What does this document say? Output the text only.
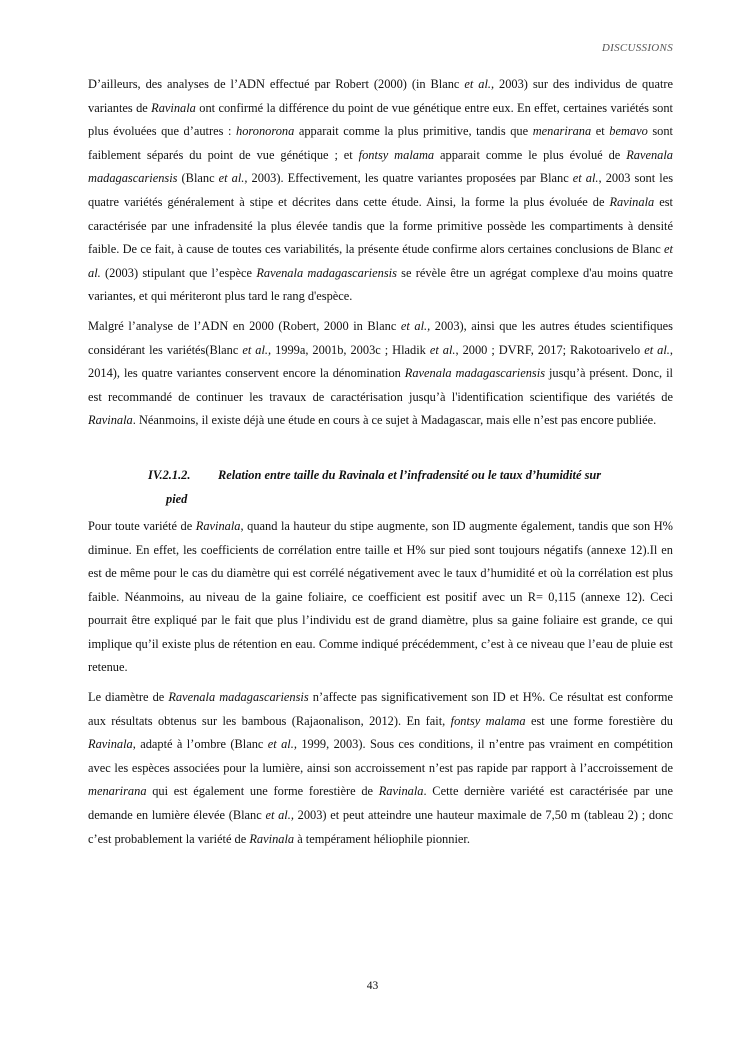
DISCUSSIONS

D’ailleurs, des analyses de l’ADN effectué par Robert (2000) (in Blanc et al., 2003) sur des individus de quatre variantes de Ravinala ont confirmé la différence du point de vue génétique entre eux. En effet, certaines variétés sont plus évoluées que d’autres : horonorona apparait comme la plus primitive, tandis que menarirana et bemavo sont faiblement séparés du point de vue génétique ; et fontsy malama apparait comme le plus évolué de Ravenala madagascariensis (Blanc et al., 2003). Effectivement, les quatre variantes proposées par Blanc et al., 2003 sont les quatre variétés généralement à stipe et décrites dans cette étude. Ainsi, la forme la plus évoluée de Ravinala est caractérisée par une infradensité la plus élevée tandis que la forme primitive possède les compartiments à densité faible. De ce fait, à cause de toutes ces variabilités, la présente étude confirme alors certaines conclusions de Blanc et al. (2003) stipulant que l’espèce Ravenala madagascariensis se révèle être un agrégat complexe d'au moins quatre variantes, et qui mériteront plus tard le rang d'espèce.

Malgré l’analyse de l’ADN en 2000 (Robert, 2000 in Blanc et al., 2003), ainsi que les autres études scientifiques considérant les variétés(Blanc et al., 1999a, 2001b, 2003c ; Hladik et al., 2000 ; DVRF, 2017; Rakotoarivelo et al., 2014), les quatre variantes conservent encore la dénomination Ravenala madagascariensis jusqu’à présent. Donc, il est recommandé de continuer les travaux de caractérisation jusqu’à l'identification scientifique des variétés de Ravinala. Néanmoins, il existe déjà une étude en cours à ce sujet à Madagascar, mais elle n’est pas encore publiée.

IV.2.1.2.	Relation entre taille du Ravinala et l’infradensité ou le taux d’humidité sur
pied

Pour toute variété de Ravinala, quand la hauteur du stipe augmente, son ID augmente également, tandis que son H% diminue. En effet, les coefficients de corrélation entre taille et H% sur pied sont toujours négatifs (annexe 12).Il en est de même pour le cas du diamètre qui est corrélé négativement avec le taux d’humidité et où la corrélation est plus faible. Néanmoins, au niveau de la gaine foliaire, ce coefficient est positif avec un R= 0,115 (annexe 12). Ceci pourrait être expliqué par le fait que plus l’individu est de grand diamètre, plus sa gaine foliaire est grande, ce qui implique qu’il existe plus de rétention en eau. Comme indiqué précédemment, c’est à ce niveau que l’eau de pluie est retenue.

Le diamètre de Ravenala madagascariensis n’affecte pas significativement son ID et H%. Ce résultat est conforme aux résultats obtenus sur les bambous (Rajaonalison, 2012). En fait, fontsy malama est une forme forestière du Ravinala, adapté à l’ombre (Blanc et al., 1999, 2003). Sous ces conditions, il n’entre pas vraiment en compétition avec les espèces associées pour la lumière, ainsi son accroissement n’est pas rapide par rapport à l’accroissement de menarirana qui est également une forme forestière de Ravinala. Cette dernière variété est caractérisée par une demande en lumière élevée (Blanc et al., 2003) et peut atteindre une hauteur maximale de 7,50 m (tableau 2) ; donc c’est probablement la variété de Ravinala à tempérament héliophile pionnier.

43
